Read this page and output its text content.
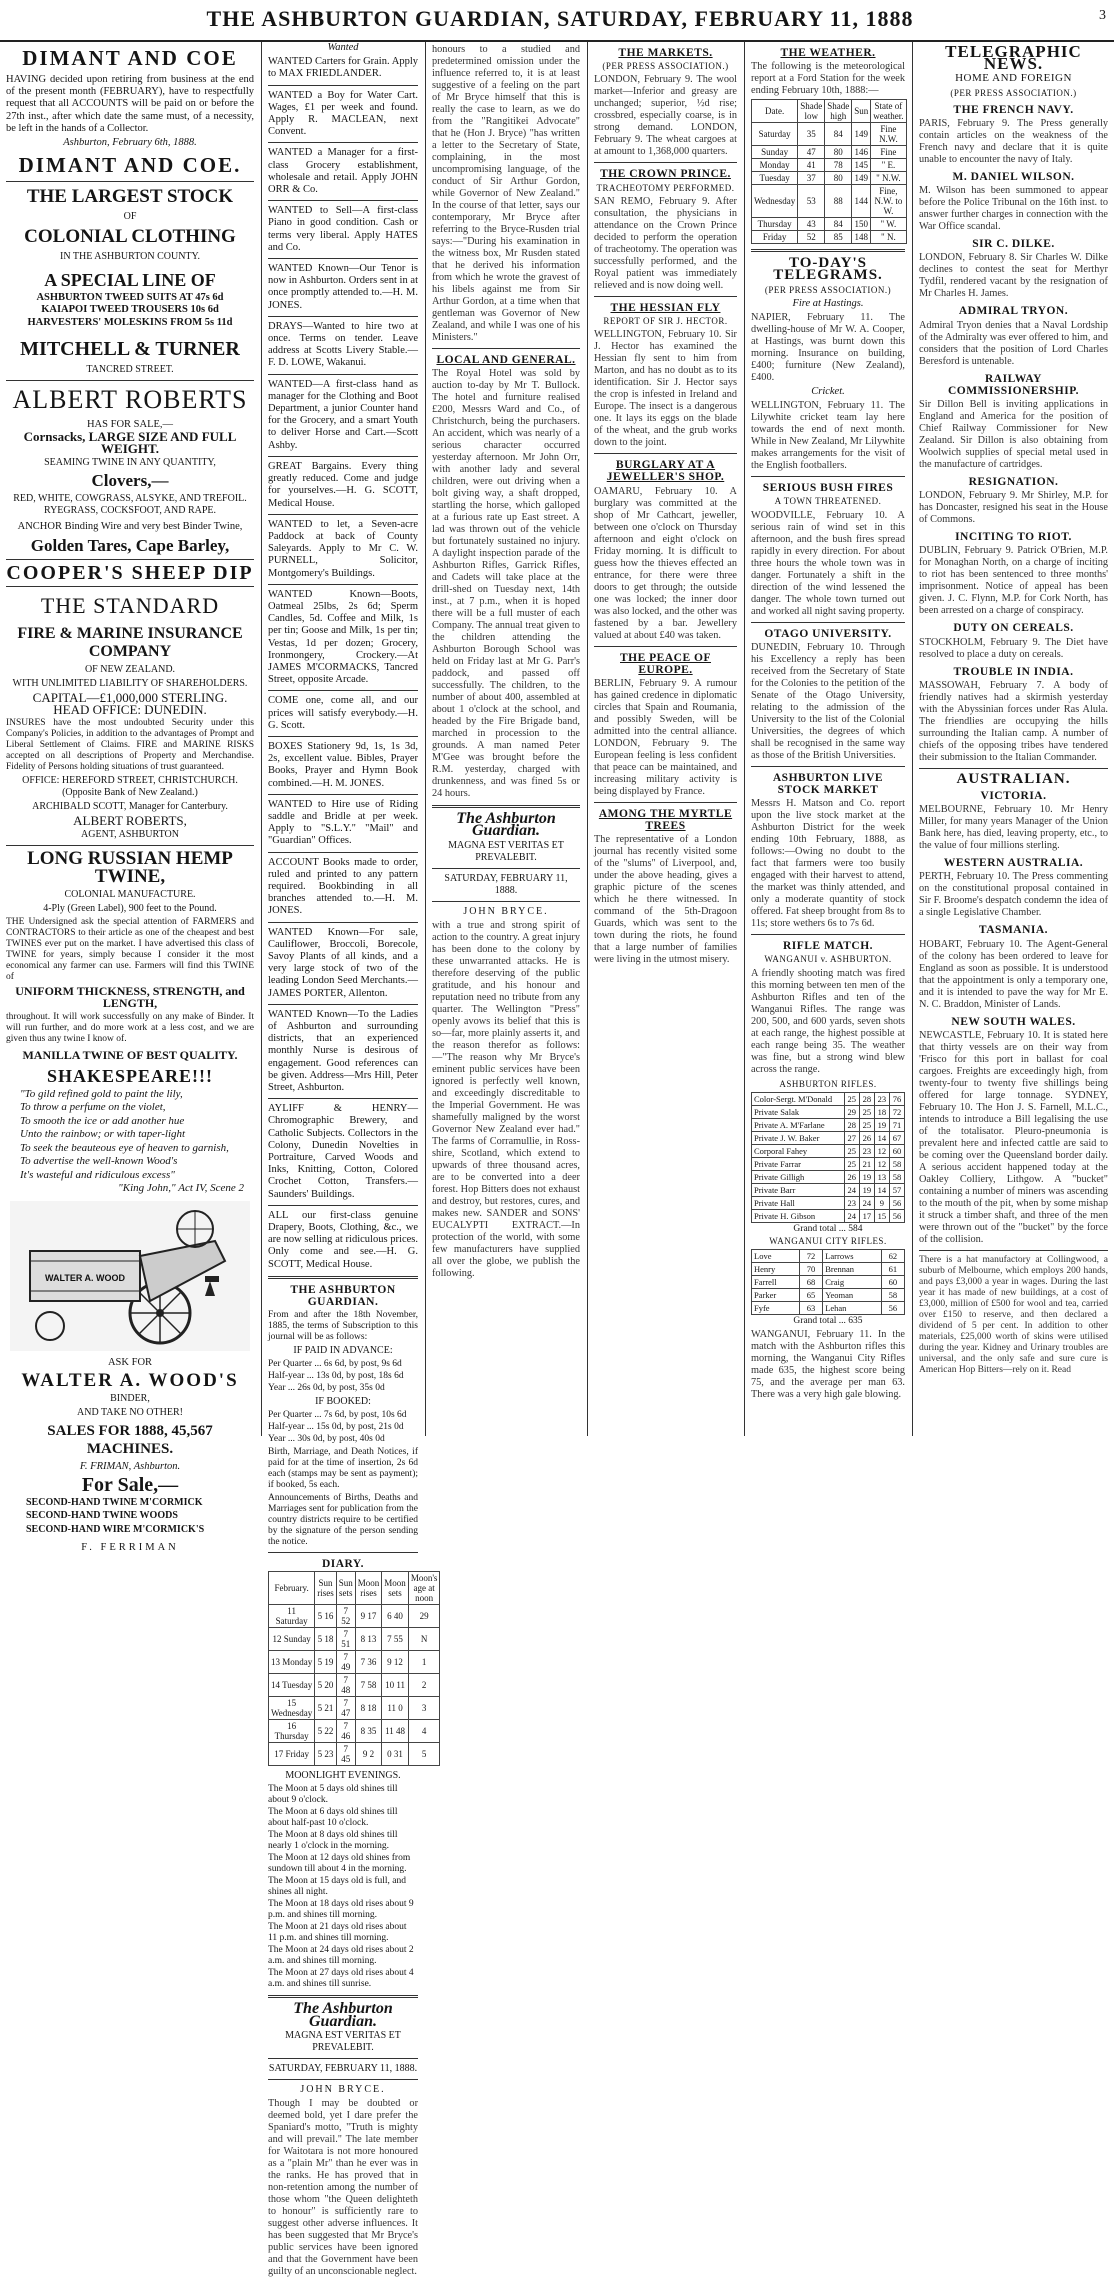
THE ASHBURTON GUARDIAN, SATURDAY, FEBRUARY 11, 1888	3
DIMANT AND COE
HAVING decided upon retiring from business at the end of the present month (FEBRUARY), have to respectfully request that all ACCOUNTS will be paid on or before the 27th inst., after which date the same must, of a necessity, be left in the hands of a Collector.
Ashburton, February 6th, 1888.
DIMANT AND COE.
THE LARGEST STOCK
OF
COLONIAL CLOTHING
IN THE ASHBURTON COUNTY.
A SPECIAL LINE OF
ASHBURTON TWEED SUITS AT 47s 6d
KAIAPOI TWEED TROUSERS 10s 6d
HARVESTERS' MOLESKINS FROM 5s 11d
MITCHELL & TURNER
TANCRED STREET.
ALBERT ROBERTS
HAS FOR SALE,—
Cornsacks, LARGE SIZE AND FULL WEIGHT.
SEAMING TWINE IN ANY QUANTITY,
Clovers,—
RED, WHITE, COWGRASS, ALSYKE, AND TREFOIL. RYEGRASS, COCKSFOOT, AND RAPE.
ANCHOR Binding Wire and very best Binder Twine,
Golden Tares, Cape Barley,
COOPER'S SHEEP DIP
THE STANDARD
FIRE & MARINE INSURANCE COMPANY
OF NEW ZEALAND.
WITH UNLIMITED LIABILITY OF SHAREHOLDERS.
CAPITAL—£1,000,000 STERLING.
HEAD OFFICE: DUNEDIN.
INSURES have the most undoubted Security under this Company's Policies, in addition to the advantages of Prompt and Liberal Settlement of Claims. FIRE and MARINE RISKS accepted on all descriptions of Property and Merchandise. Fidelity of Persons holding situations of trust guaranteed.
OFFICE: HEREFORD STREET, CHRISTCHURCH. (Opposite Bank of New Zealand.)
ARCHIBALD SCOTT, Manager for Canterbury.
ALBERT ROBERTS,
AGENT, ASHBURTON
LONG RUSSIAN HEMP TWINE,
COLONIAL MANUFACTURE.
4-Ply (Green Label), 900 feet to the Pound.
THE Undersigned ask the special attention of FARMERS and CONTRACTORS to their article as one of the cheapest and best TWINES ever put on the market. I have advertised this class of TWINE for years, simply because I consider it the most economical any farmer can use. Farmers will find this TWINE of
UNIFORM THICKNESS, STRENGTH, and LENGTH,
throughout. It will work successfully on any make of Binder. It will run further, and do more work at a less cost, and we are given thus any twine I know of.
MANILLA TWINE OF BEST QUALITY.
SHAKESPEARE!!!
"To gild refined gold to paint the lily,
To throw a perfume on the violet,
To smooth the ice or add another hue
Unto the rainbow; or with taper-light
To seek the beauteous eye of heaven to garnish,
To advertise the well-known Wood's
It's wasteful and ridiculous excess"
"King John," Act IV, Scene 2
WALTER A. WOOD
ASK FOR
WALTER A. WOOD'S
BINDER,
AND TAKE NO OTHER!
SALES FOR 1888, 45,567 MACHINES.
F. FRIMAN, Ashburton.
For Sale,—
SECOND-HAND TWINE M'CORMICK
SECOND-HAND TWINE WOODS
SECOND-HAND WIRE M'CORMICK'S
F. FERRIMAN
Wanted
WANTED Carters for Grain. Apply to MAX FRIEDLANDER.
WANTED a Boy for Water Cart. Wages, £1 per week and found. Apply R. MACLEAN, next Convent.
WANTED a Manager for a first-class Grocery establishment, wholesale and retail. Apply JOHN ORR & Co.
WANTED to Sell—A first-class Piano in good condition. Cash or terms very liberal. Apply HATES and Co.
WANTED Known—Our Tenor is now in Ashburton. Orders sent in at once promptly attended to.—H. M. JONES.
DRAYS—Wanted to hire two at once. Terms on tender. Leave address at Scotts Livery Stable.—F. D. LOWE, Wakanui.
WANTED—A first-class hand as manager for the Clothing and Boot Department, a junior Counter hand for the Grocery, and a smart Youth to deliver Horse and Cart.—Scott Ashby.
GREAT Bargains. Every thing greatly reduced. Come and judge for yourselves.—H. G. SCOTT, Medical House.
WANTED to let, a Seven-acre Paddock at back of County Saleyards. Apply to Mr C. W. PURNELL, Solicitor, Montgomery's Buildings.
WANTED Known—Boots, Oatmeal 25lbs, 2s 6d; Sperm Candles, 5d. Coffee and Milk, 1s per tin; Goose and Milk, 1s per tin; Vestas, 1d per dozen; Grocery, Ironmongery, Crockery.—At JAMES M'CORMACKS, Tancred Street, opposite Arcade.
COME one, come all, and our prices will satisfy everybody.—H. G. Scott.
BOXES Stationery 9d, 1s, 1s 3d, 2s, excellent value. Bibles, Prayer Books, Prayer and Hymn Book combined.—H. M. JONES.
WANTED to Hire use of Riding saddle and Bridle at per week. Apply to "S.L.Y." "Mail" and "Guardian" Offices.
ACCOUNT Books made to order, ruled and printed to any pattern required. Bookbinding in all branches attended to.—H. M. JONES.
WANTED Known—For sale, Cauliflower, Broccoli, Borecole, Savoy Plants of all kinds, and a very large stock of two of the leading London Seed Merchants.—JAMES PORTER, Allenton.
WANTED Known—To the Ladies of Ashburton and surrounding districts, that an experienced monthly Nurse is desirous of engagement. Good references can be given. Address—Mrs Hill, Peter Street, Ashburton.
AYLIFF & HENRY—Chromographic Brewery, and Catholic Subjects. Collectors in the Colony, Dunedin Novelties in Portraiture, Carved Woods and Inks, Knitting, Cotton, Colored Crochet Cotton, Transfers.—Saunders' Buildings.
ALL our first-class genuine Drapery, Boots, Clothing, &c., we are now selling at ridiculous prices. Only come and see.—H. G. SCOTT, Medical House.
THE ASHBURTON GUARDIAN.
From and after the 18th November, 1885, the terms of Subscription to this journal will be as follows:
IF PAID IN ADVANCE:
Per Quarter ... 6s 6d, by post, 9s 6d
Half-year ... 13s 0d, by post, 18s 6d
Year ... 26s 0d, by post, 35s 0d
IF BOOKED:
Per Quarter ... 7s 6d, by post, 10s 6d
Half-year ... 15s 0d, by post, 21s 0d
Year ... 30s 0d, by post, 40s 0d
Birth, Marriage, and Death Notices, if paid for at the time of insertion, 2s 6d each (stamps may be sent as payment); if booked, 5s each.
Announcements of Births, Deaths and Marriages sent for publication from the country districts require to be certified by the signature of the person sending the notice.
DIARY.
February.	Sun rises	Sun sets	Moon rises	Moon sets	Moon's age at noon
11 Saturday	5 16	7 52	9 17	6 40	29
12 Sunday	5 18	7 51	8 13	7 55	N
13 Monday	5 19	7 49	7 36	9 12	1
14 Tuesday	5 20	7 48	7 58	10 11	2
15 Wednesday	5 21	7 47	8 18	11 0	3
16 Thursday	5 22	7 46	8 35	11 48	4
17 Friday	5 23	7 45	9 2	0 31	5
MOONLIGHT EVENINGS.
The Moon at 5 days old shines till about 9 o'clock.
The Moon at 6 days old shines till about half-past 10 o'clock.
The Moon at 8 days old shines till nearly 1 o'clock in the morning.
The Moon at 12 days old shines from sundown till about 4 in the morning.
The Moon at 15 days old is full, and shines all night.
The Moon at 18 days old rises about 9 p.m. and shines till morning.
The Moon at 21 days old rises about 11 p.m. and shines till morning.
The Moon at 24 days old rises about 2 a.m. and shines till morning.
The Moon at 27 days old rises about 4 a.m. and shines till sunrise.
The Ashburton Guardian.
MAGNA EST VERITAS ET PREVALEBIT.
SATURDAY, FEBRUARY 11, 1888.
JOHN BRYCE.
Though I may be doubted or deemed bold, yet I dare prefer the Spaniard's motto, "Truth is mighty and will prevail." The late member for Waitotara is not more honoured as a "plain Mr" than he ever was in the ranks. He has proved that in non-retention among the number of those whom "the Queen delighteth to honour" is sufficiently rare to suggest other adverse influences. It has been suggested that Mr Bryce's public services have been ignored and that the Government have been guilty of an unconscionable neglect.
honours to a studied and predetermined omission under the influence referred to, it is at least suggestive of a feeling on the part of Mr Bryce himself that this is really the case to learn, as we do from the "Rangitikei Advocate" that he (Hon J. Bryce) "has written a letter to the Secretary of State, complaining, in the most uncompromising language, of the conduct of Sir Arthur Gordon, while Governor of New Zealand." In the course of that letter, says our contemporary, Mr Bryce after referring to the Bryce-Rusden trial says:—"During his examination in the witness box, Mr Rusden stated that he derived his information from which he wrote the gravest of his libels against me from Sir Arthur Gordon, at a time when that gentleman was Governor of New Zealand, and while I was one of his Ministers."
LOCAL AND GENERAL.
The Royal Hotel was sold by auction to-day by Mr T. Bullock. The hotel and furniture realised £200, Messrs Ward and Co., of Christchurch, being the purchasers. An accident, which was nearly of a serious character occurred yesterday afternoon. Mr John Orr, with another lady and several children, were out driving when a bolt giving way, a shaft dropped, startling the horse, which galloped at a furious rate up East street. A lad was thrown out of the vehicle but fortunately sustained no injury. A daylight inspection parade of the Ashburton Rifles, Garrick Rifles, and Cadets will take place at the drill-shed on Tuesday next, 14th inst., at 7 p.m., when it is hoped there will be a full muster of each Company. The annual treat given to the children attending the Ashburton Borough School was held on Friday last at Mr G. Parr's paddock, and passed off successfully. The children, to the number of about 400, assembled at about 1 o'clock at the school, and headed by the Fire Brigade band, marched in procession to the grounds. A man named Peter M'Gee was brought before the R.M. yesterday, charged with drunkenness, and was fined 5s or 24 hours.
The Ashburton Guardian.
MAGNA EST VERITAS ET PREVALEBIT.
SATURDAY, FEBRUARY 11, 1888.
JOHN BRYCE.
with a true and strong spirit of action to the country. A great injury has been done to the colony by these unwarranted attacks. He is therefore deserving of the public gratitude, and his honour and reputation need no tribute from any quarter. The Wellington "Press" openly avows its belief that this is so—far, more plainly asserts it, and the reason therefor as follows:—"The reason why Mr Bryce's eminent public services have been ignored is perfectly well known, and exceedingly discreditable to the Imperial Government. He was shamefully maligned by the worst Governor New Zealand ever had." The farms of Corramullie, in Ross-shire, Scotland, which extend to upwards of three thousand acres, are to be converted into a deer forest. Hop Bitters does not exhaust and destroy, but restores, cures, and makes new. SANDER and SONS' EUCALYPTI EXTRACT.—In protection of the world, with some few manufacturers have supplied all over the globe, we publish the following.
THE MARKETS.
(PER PRESS ASSOCIATION.)
LONDON, February 9. The wool market—Inferior and greasy are unchanged; superior, ½d rise; crossbred, especially coarse, is in strong demand. LONDON, February 9. The wheat cargoes at at amount to 1,368,000 quarters.
THE CROWN PRINCE.
TRACHEOTOMY PERFORMED.
SAN REMO, February 9. After consultation, the physicians in attendance on the Crown Prince decided to perform the operation of tracheotomy. The operation was successfully performed, and the Royal patient was immediately relieved and is now doing well.
THE HESSIAN FLY
REPORT OF SIR J. HECTOR.
WELLINGTON, February 10. Sir J. Hector has examined the Hessian fly sent to him from Marton, and has no doubt as to its identification. Sir J. Hector says the crop is infested in Ireland and Europe. The insect is a dangerous one. It lays its eggs on the blade of the wheat, and the grub works down to the joint.
BURGLARY AT A JEWELLER'S SHOP.
OAMARU, February 10. A burglary was committed at the shop of Mr Cathcart, jeweller, between one o'clock on Thursday afternoon and eight o'clock on Friday morning. It is difficult to guess how the thieves effected an entrance, for there were three doors to get through; the outside one was locked; the inner door was also locked, and the other was fastened by a bar. Jewellery valued at about £40 was taken.
THE PEACE OF EUROPE.
BERLIN, February 9. A rumour has gained credence in diplomatic circles that Spain and Roumania, and possibly Sweden, will be admitted into the central alliance. LONDON, February 9. The European feeling is less confident that peace can be maintained, and increasing military activity is being displayed by France.
AMONG THE MYRTLE TREES
The representative of a London journal has recently visited some of the "slums" of Liverpool, and, under the above heading, gives a graphic picture of the scenes which he there witnessed. In command of the 5th-Dragoon Guards, which was sent to the town during the riots, he found that a large number of families were living in the utmost misery.
THE WEATHER.
The following is the meteorological report at a Ford Station for the week ending February 10th, 1888:—
Date.	Shade low	Shade high	Sun	State of weather.
Saturday	35	84	149	Fine N.W.
Sunday	47	80	146	Fine
Monday	41	78	145	" E.
Tuesday	37	80	149	" N.W.
Wednesday	53	88	144	Fine, N.W. to W.
Thursday	43	84	150	" W.
Friday	52	85	148	" N.
TO-DAY'S TELEGRAMS.
(PER PRESS ASSOCIATION.)
Fire at Hastings.
NAPIER, February 11. The dwelling-house of Mr W. A. Cooper, at Hastings, was burnt down this morning. Insurance on building, £400; furniture (New Zealand), £400.
Cricket.
WELLINGTON, February 11. The Lilywhite cricket team lay here towards the end of next month. While in New Zealand, Mr Lilywhite makes arrangements for the visit of the English footballers.
SERIOUS BUSH FIRES
A TOWN THREATENED.
WOODVILLE, February 10. A serious rain of wind set in this afternoon, and the bush fires spread rapidly in every direction. For about three hours the whole town was in danger. Fortunately a shift in the direction of the wind lessened the danger. The whole town turned out and worked all night saving property.
OTAGO UNIVERSITY.
DUNEDIN, February 10. Through his Excellency a reply has been received from the Secretary of State for the Colonies to the petition of the Senate of the Otago University, relating to the admission of the University to the list of the Colonial Universities, the degrees of which shall be recognised in the same way as those of the British Universities.
ASHBURTON LIVE STOCK MARKET
Messrs H. Matson and Co. report upon the live stock market at the Ashburton District for the week ending 10th February, 1888, as follows:—Owing no doubt to the fact that farmers were too busily engaged with their harvest to attend, the market was thinly attended, and only a moderate quantity of stock offered. Fat sheep brought from 8s to 11s; store wethers 6s to 7s 6d.
RIFLE MATCH.
WANGANUI v. ASHBURTON.
A friendly shooting match was fired this morning between ten men of the Ashburton Rifles and ten of the Wanganui Rifles. The range was 200, 500, and 600 yards, seven shots at each range, the highest possible at each range being 35. The weather was fine, but a strong wind blew across the range.
ASHBURTON RIFLES.
Color-Sergt. M'Donald	25	28	23	76
Private Salak	29	25	18	72
Private A. M'Farlane	28	25	19	71
Private J. W. Baker	27	26	14	67
Corporal Fahey	25	23	12	60
Private Farrar	25	21	12	58
Private Gilligh	26	19	13	58
Private Barr	24	19	14	57
Private Hall	23	24	9	56
Private H. Gibson	24	17	15	56
Grand total ... 584
WANGANUI CITY RIFLES.
Love	72	Larrows	62
Henry	70	Brennan	61
Farrell	68	Craig	60
Parker	65	Yeoman	58
Fyfe	63	Lehan	56
Grand total ... 635
WANGANUI, February 11. In the match with the Ashburton rifles this morning, the Wanganui City Rifles made 635, the highest score being 75, and the average per man 63. There was a very high gale blowing.
TELEGRAPHIC NEWS.
HOME AND FOREIGN
(PER PRESS ASSOCIATION.)
THE FRENCH NAVY.
PARIS, February 9. The Press generally contain articles on the weakness of the French navy and declare that it is quite unable to encounter the navy of Italy.
M. DANIEL WILSON.
M. Wilson has been summoned to appear before the Police Tribunal on the 16th inst. to answer further charges in connection with the War Office scandal.
SIR C. DILKE.
LONDON, February 8. Sir Charles W. Dilke declines to contest the seat for Merthyr Tydfil, rendered vacant by the resignation of Mr Charles H. James.
ADMIRAL TRYON.
Admiral Tryon denies that a Naval Lordship of the Admiralty was ever offered to him, and considers that the position of Lord Charles Beresford is untenable.
RAILWAY COMMISSIONERSHIP.
Sir Dillon Bell is inviting applications in England and America for the position of Chief Railway Commissioner for New Zealand. Sir Dillon is also obtaining from Woolwich supplies of special metal used in the manufacture of cartridges.
RESIGNATION.
LONDON, February 9. Mr Shirley, M.P. for has Doncaster, resigned his seat in the House of Commons.
INCITING TO RIOT.
DUBLIN, February 9. Patrick O'Brien, M.P. for Monaghan North, on a charge of inciting to riot has been sentenced to three months' imprisonment. Notice of appeal has been given. J. C. Flynn, M.P. for Cork North, has been arrested on a charge of conspiracy.
DUTY ON CEREALS.
STOCKHOLM, February 9. The Diet have resolved to place a duty on cereals.
TROUBLE IN INDIA.
MASSOWAH, February 7. A body of friendly natives had a skirmish yesterday with the Abyssinian forces under Ras Alula. The friendlies are occupying the hills surrounding the Italian camp. A number of chiefs of the opposing tribes have tendered their submission to the Italian Commander.
AUSTRALIAN.
VICTORIA.
MELBOURNE, February 10. Mr Henry Miller, for many years Manager of the Union Bank here, has died, leaving property, etc., to the value of four millions sterling.
WESTERN AUSTRALIA.
PERTH, February 10. The Press commenting on the constitutional proposal contained in Sir F. Broome's despatch condemn the idea of a single Legislative Chamber.
TASMANIA.
HOBART, February 10. The Agent-General of the colony has been ordered to leave for England as soon as possible. It is understood that the appointment is only a temporary one, and it is intended to pave the way for Mr E. N. C. Braddon, Minister of Lands.
NEW SOUTH WALES.
NEWCASTLE, February 10. It is stated here that thirty vessels are on their way from 'Frisco for this port in ballast for coal cargoes. Freights are exceedingly high, from twenty-four to twenty five shillings being offered for large tonnage. SYDNEY, February 10. The Hon J. S. Farnell, M.L.C., intends to introduce a Bill legalising the use of the totalisator. Pleuro-pneumonia is prevalent here and infected cattle are said to be coming over the Queensland border daily. A serious accident happened today at the Oakley Colliery, Lithgow. A "bucket" containing a number of miners was ascending to the mouth of the pit, when by some mishap it struck a timber shaft, and three of the men were thrown out of the "bucket" by the force of the collision.
There is a hat manufactory at Collingwood, a suburb of Melbourne, which employs 200 hands, and pays £3,000 a year in wages. During the last year it has made of new buildings, at a cost of £3,000, million of £500 for wool and tea, carried over £150 to reserve, and then declared a dividend of 5 per cent. In addition to other materials, £25,000 worth of skins were utilised during the year. Kidney and Urinary troubles are universal, and the only safe and sure cure is American Hop Bitters—rely on it. Read
